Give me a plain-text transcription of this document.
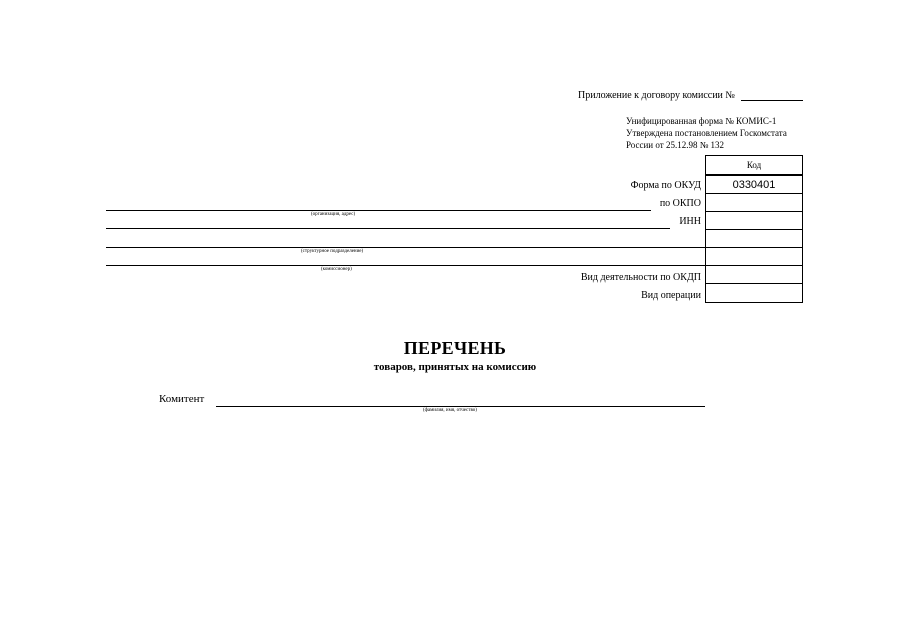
Приложение к договору комиссии №
Унифицированная форма № КОМИС-1
Утверждена постановлением Госкомстата
России от 25.12.98 № 132
Форма по ОКУД
по ОКПО
ИНН
Вид деятельности по ОКДП
Вид операции
Код
0330401
(организация, адрес)
(структурное подразделение)
(комиссионер)
ПЕРЕЧЕНЬ
товаров, принятых на комиссию
Комитент
(фамилия, имя, отчество)
